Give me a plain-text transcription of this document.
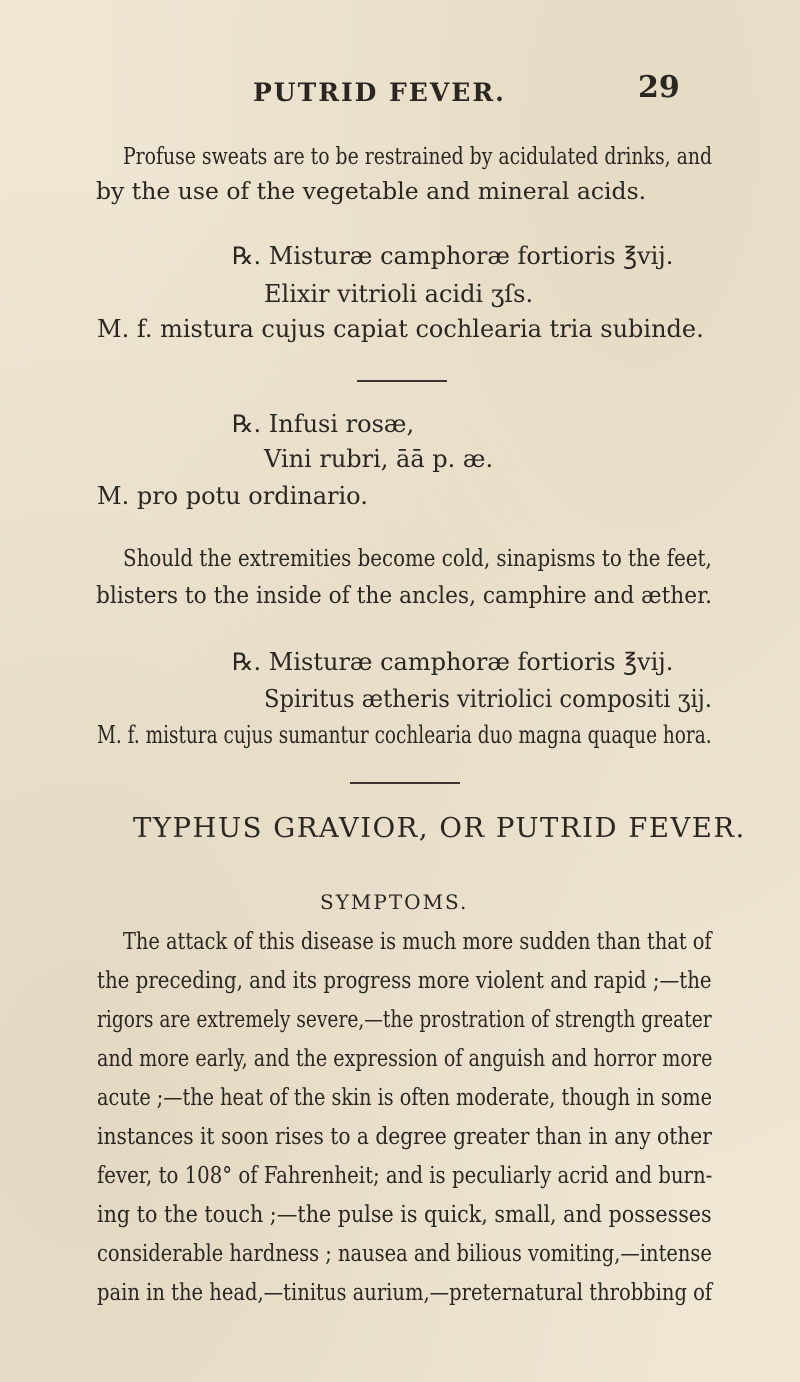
PUTRID FEVER.	29
Profuse sweats are to be restrained by acidulated drinks, and
by the use of the vegetable and mineral acids.
℞. Misturæ camphoræ fortioris ℥vij.
Elixir vitrioli acidi ʒſs.
M. f. mistura cujus capiat cochlearia tria subinde.
℞. Infusi rosæ,
Vini rubri, āā p. æ.
M. pro potu ordinario.
Should the extremities become cold, sinapisms to the feet,
blisters to the inside of the ancles, camphire and æther.
℞. Misturæ camphoræ fortioris ℥vij.
Spiritus ætheris vitriolici compositi ʒij.
M. f. mistura cujus sumantur cochlearia duo magna quaque hora.
TYPHUS GRAVIOR, OR PUTRID FEVER.
SYMPTOMS.
The attack of this disease is much more sudden than that of
the preceding, and its progress more violent and rapid ;—the
rigors are extremely severe,—the prostration of strength greater
and more early, and the expression of anguish and horror more
acute ;—the heat of the skin is often moderate, though in some
instances it soon rises to a degree greater than in any other
fever, to 108° of Fahrenheit; and is peculiarly acrid and burn-
ing to the touch ;—the pulse is quick, small, and possesses
considerable hardness ; nausea and bilious vomiting,—intense
pain in the head,—tinitus aurium,—preternatural throbbing of
